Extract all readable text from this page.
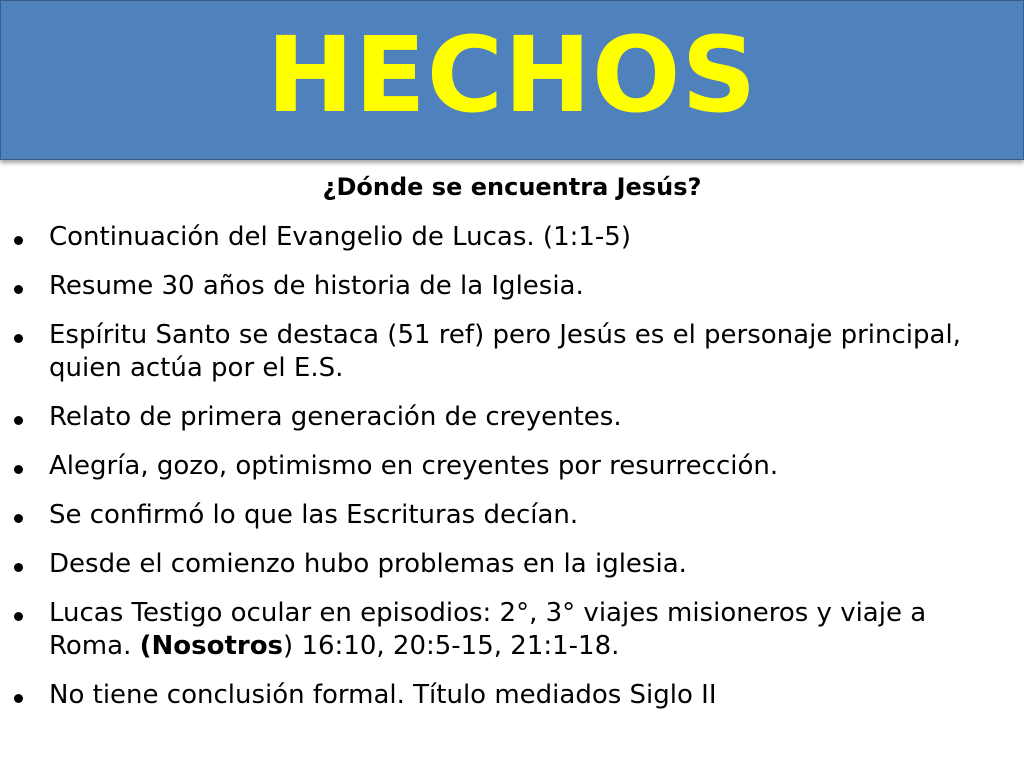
HECHOS
¿Dónde se encuentra Jesús?
Continuación del Evangelio de Lucas. (1:1-5)
Resume 30 años de historia de la Iglesia.
Espíritu Santo se destaca (51 ref) pero Jesús es el personaje principal, quien actúa por el E.S.
Relato de primera generación de creyentes.
Alegría, gozo, optimismo en creyentes por resurrección.
Se confirmó lo que las Escrituras decían.
Desde el comienzo hubo problemas en la iglesia.
Lucas Testigo ocular en episodios: 2°, 3° viajes misioneros y viaje a Roma. (Nosotros) 16:10, 20:5-15, 21:1-18.
No tiene conclusión formal. Título mediados Siglo II
